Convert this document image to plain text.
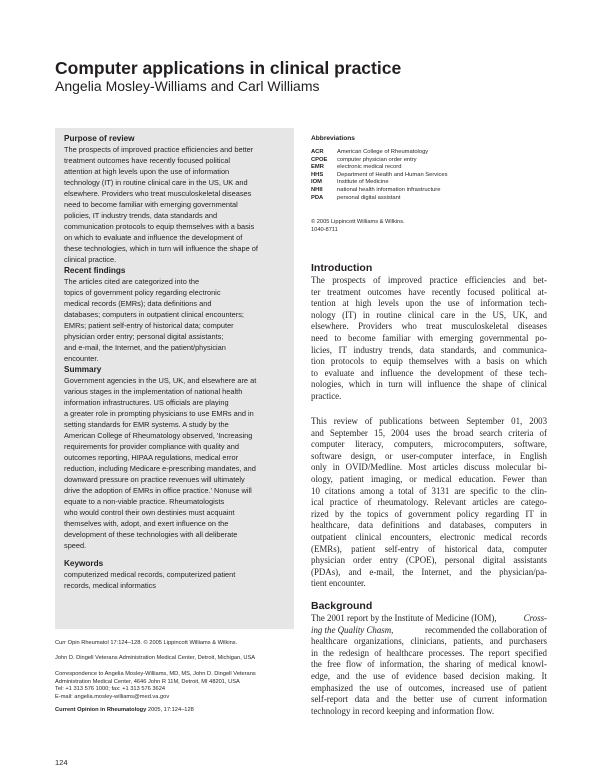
Computer applications in clinical practice
Angelia Mosley-Williams and Carl Williams
Purpose of review
The prospects of improved practice efficiencies and better
treatment outcomes have recently focused political
attention at high levels upon the use of information
technology (IT) in routine clinical care in the US, UK and
elsewhere. Providers who treat musculoskeletal diseases
need to become familiar with emerging governmental
policies, IT industry trends, data standards and
communication protocols to equip themselves with a basis
on which to evaluate and influence the development of
these technologies, which in turn will influence the shape of
clinical practice.
Recent findings
The articles cited are categorized into the
topics of government policy regarding electronic
medical records (EMRs); data definitions and
databases; computers in outpatient clinical encounters;
EMRs; patient self-entry of historical data; computer
physician order entry; personal digital assistants;
and e-mail, the Internet, and the patient/physician
encounter.
Summary
Government agencies in the US, UK, and elsewhere are at
various stages in the implementation of national health
information infrastructures. US officials are playing
a greater role in prompting physicians to use EMRs and in
setting standards for EMR systems. A study by the
American College of Rheumatology observed, 'Increasing
requirements for provider compliance with quality and
outcomes reporting, HIPAA regulations, medical error
reduction, including Medicare e-prescribing mandates, and
downward pressure on practice revenues will ultimately
drive the adoption of EMRs in office practice.' Nonuse will
equate to a non-viable practice. Rheumatologists
who would control their own destinies must acquaint
themselves with, adopt, and exert influence on the
development of these technologies with all deliberate
speed.
Keywords
computerized medical records, computerized patient
records, medical informatics
Curr Opin Rheumatol 17:124–128. © 2005 Lippincott Williams & Wilkins.
John D. Dingell Veterans Administration Medical Center, Detroit, Michigan, USA
Correspondence to Angelia Mosley-Williams, MD, MS, John D. Dingell Veterans
Administration Medical Center, 4646 John R 11M, Detroit, MI 48201, USA
Tel: +1 313 576 1000; fax: +1 313 576 3624
E-mail: angelia.mosley-williams@med.va.gov
Current Opinion in Rheumatology 2005, 17:124–128
124
Abbreviations
ACR	American College of Rheumatology
CPOE	computer physician order entry
EMR	electronic medical record
HHS	Department of Health and Human Services
IOM	Institute of Medicine
NHII	national health information infrastructure
PDA	personal digital assistant
© 2005 Lippincott Williams & Wilkins.
1040-8711
Introduction
The prospects of improved practice efficiencies and bet-
ter treatment outcomes have recently focused political at-
tention at high levels upon the use of information tech-
nology (IT) in routine clinical care in the US, UK, and
elsewhere. Providers who treat musculoskeletal diseases
need to become familiar with emerging governmental po-
licies, IT industry trends, data standards, and communica-
tion protocols to equip themselves with a basis on which
to evaluate and influence the development of these tech-
nologies, which in turn will influence the shape of clinical
practice.
This review of publications between September 01, 2003
and September 15, 2004 uses the broad search criteria of
computer literacy, computers, microcomputers, software,
software design, or user-computer interface, in English
only in OVID/Medline. Most articles discuss molecular bi-
ology, patient imaging, or medical education. Fewer than
10 citations among a total of 3131 are specific to the clin-
ical practice of rheumatology. Relevant articles are catego-
rized by the topics of government policy regarding IT in
healthcare, data definitions and databases, computers in
outpatient clinical encounters, electronic medical records
(EMRs), patient self-entry of historical data, computer
physician order entry (CPOE), personal digital assistants
(PDAs), and e-mail, the Internet, and the physician/pa-
tient encounter.
Background
The 2001 report by the Institute of Medicine (IOM),	Cross-
ing the Quality Chasm,	recommended the collaboration of
healthcare organizations, clinicians, patients, and purchasers
in the redesign of healthcare processes. The report specified
the free flow of information, the sharing of medical knowl-
edge, and the use of evidence based decision making. It
emphasized the use of outcomes, increased use of patient
self-report data and the better use of current information
technology in record keeping and information flow.
